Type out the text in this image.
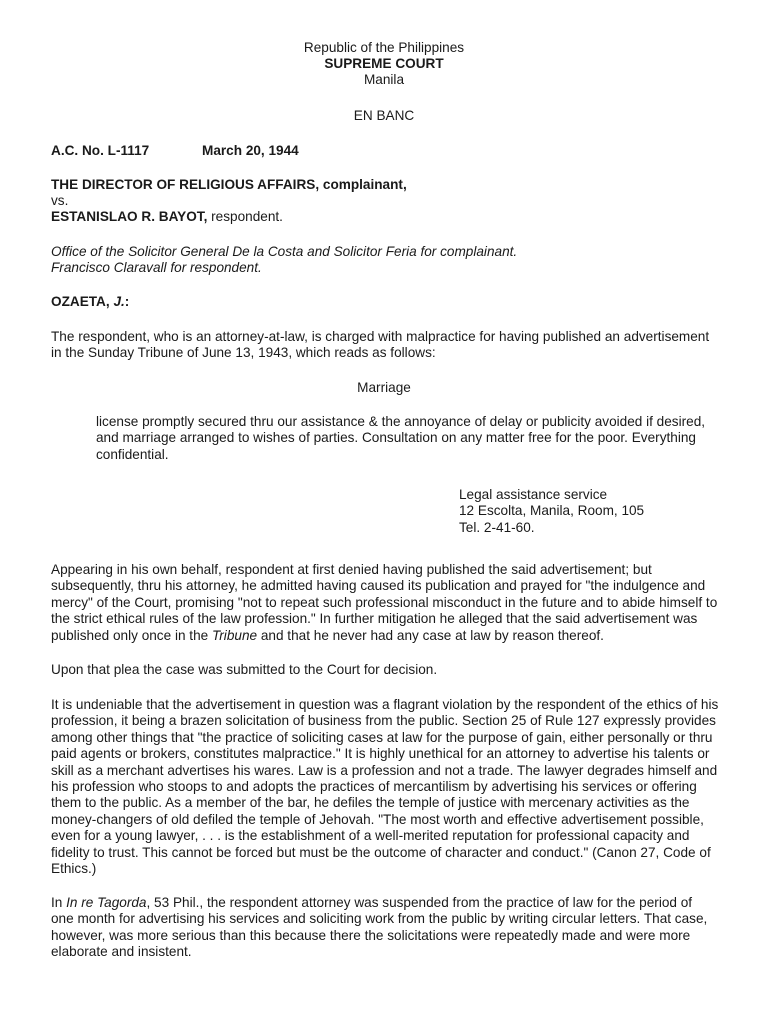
Republic of the Philippines
SUPREME COURT
Manila
EN BANC
A.C. No. L-1117	March 20, 1944
THE DIRECTOR OF RELIGIOUS AFFAIRS, complainant,
vs.
ESTANISLAO R. BAYOT, respondent.
Office of the Solicitor General De la Costa and Solicitor Feria for complainant.
Francisco Claravall for respondent.
OZAETA, J.:
The respondent, who is an attorney-at-law, is charged with malpractice for having published an advertisement
in the Sunday Tribune of June 13, 1943, which reads as follows:
Marriage
license promptly secured thru our assistance & the annoyance of delay or publicity avoided if desired,
and marriage arranged to wishes of parties. Consultation on any matter free for the poor. Everything
confidential.
Legal assistance service
12 Escolta, Manila, Room, 105
Tel. 2-41-60.
Appearing in his own behalf, respondent at first denied having published the said advertisement; but
subsequently, thru his attorney, he admitted having caused its publication and prayed for "the indulgence and
mercy" of the Court, promising "not to repeat such professional misconduct in the future and to abide himself to
the strict ethical rules of the law profession." In further mitigation he alleged that the said advertisement was
published only once in the Tribune and that he never had any case at law by reason thereof.
Upon that plea the case was submitted to the Court for decision.
It is undeniable that the advertisement in question was a flagrant violation by the respondent of the ethics of his
profession, it being a brazen solicitation of business from the public. Section 25 of Rule 127 expressly provides
among other things that "the practice of soliciting cases at law for the purpose of gain, either personally or thru
paid agents or brokers, constitutes malpractice." It is highly unethical for an attorney to advertise his talents or
skill as a merchant advertises his wares. Law is a profession and not a trade. The lawyer degrades himself and
his profession who stoops to and adopts the practices of mercantilism by advertising his services or offering
them to the public. As a member of the bar, he defiles the temple of justice with mercenary activities as the
money-changers of old defiled the temple of Jehovah. "The most worth and effective advertisement possible,
even for a young lawyer, . . . is the establishment of a well-merited reputation for professional capacity and
fidelity to trust. This cannot be forced but must be the outcome of character and conduct." (Canon 27, Code of
Ethics.)
In In re Tagorda, 53 Phil., the respondent attorney was suspended from the practice of law for the period of
one month for advertising his services and soliciting work from the public by writing circular letters. That case,
however, was more serious than this because there the solicitations were repeatedly made and were more
elaborate and insistent.
